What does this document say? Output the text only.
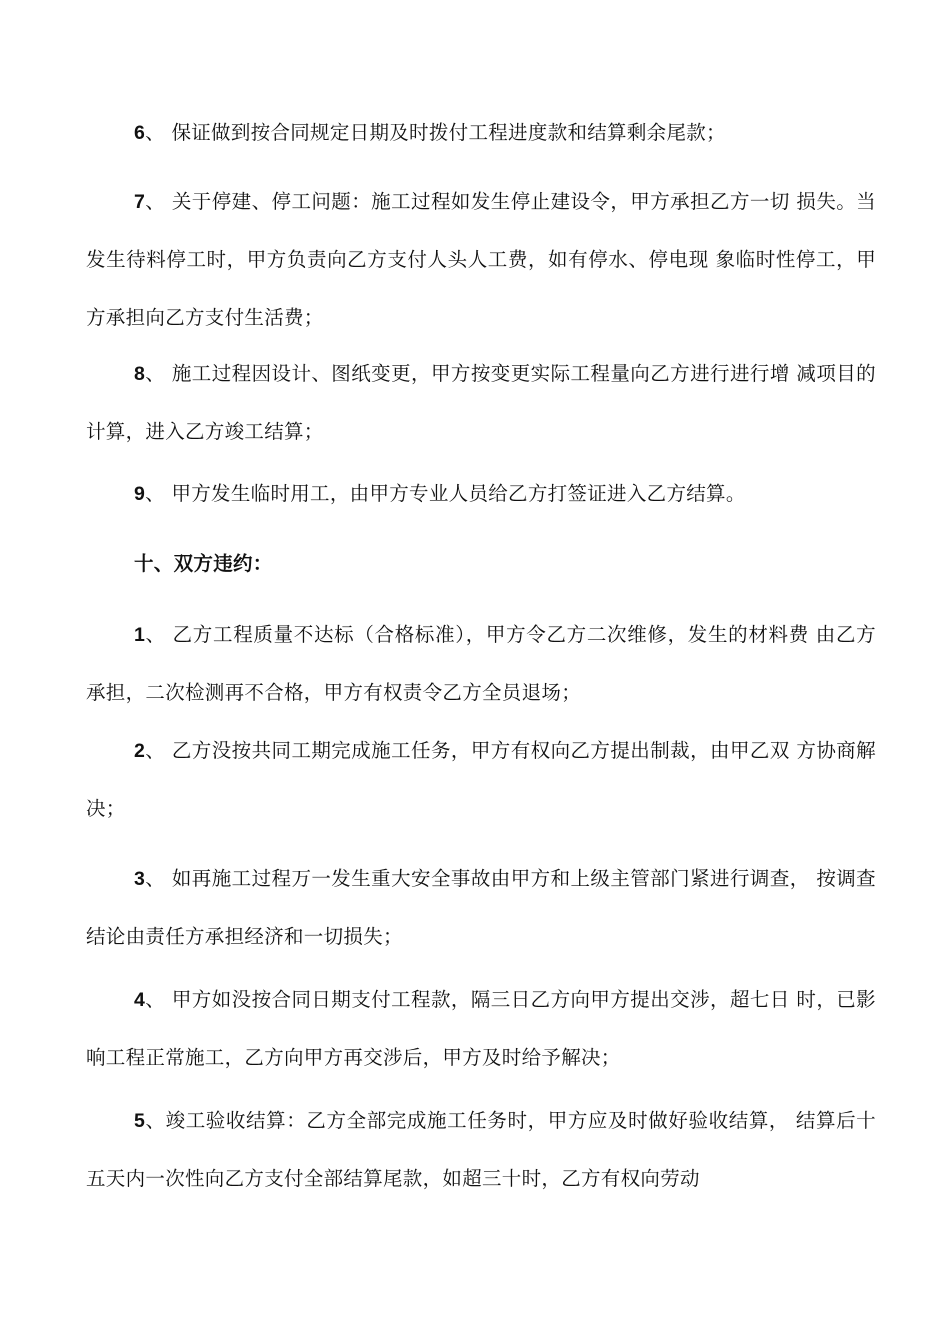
6、 保证做到按合同规定日期及时拨付工程进度款和结算剩余尾款；

7、 关于停建、停工问题：施工过程如发生停止建设令，甲方承担乙方一切 损失。当发生待料停工时，甲方负责向乙方支付人头人工费，如有停水、停电现 象临时性停工，甲方承担向乙方支付生活费；

8、 施工过程因设计、图纸变更，甲方按变更实际工程量向乙方进行进行增 减项目的计算，进入乙方竣工结算；

9、 甲方发生临时用工，由甲方专业人员给乙方打签证进入乙方结算。

十、双方违约：

1、 乙方工程质量不达标（合格标准），甲方令乙方二次维修，发生的材料费 由乙方承担，二次检测再不合格，甲方有权责令乙方全员退场；

2、 乙方没按共同工期完成施工任务，甲方有权向乙方提出制裁，由甲乙双 方协商解决；

3、 如再施工过程万一发生重大安全事故由甲方和上级主管部门紧进行调查， 按调查结论由责任方承担经济和一切损失；

4、 甲方如没按合同日期支付工程款，隔三日乙方向甲方提出交涉，超七日 时，已影响工程正常施工，乙方向甲方再交涉后，甲方及时给予解决；

5、竣工验收结算：乙方全部完成施工任务时，甲方应及时做好验收结算， 结算后十五天内一次性向乙方支付全部结算尾款，如超三十时，乙方有权向劳动
